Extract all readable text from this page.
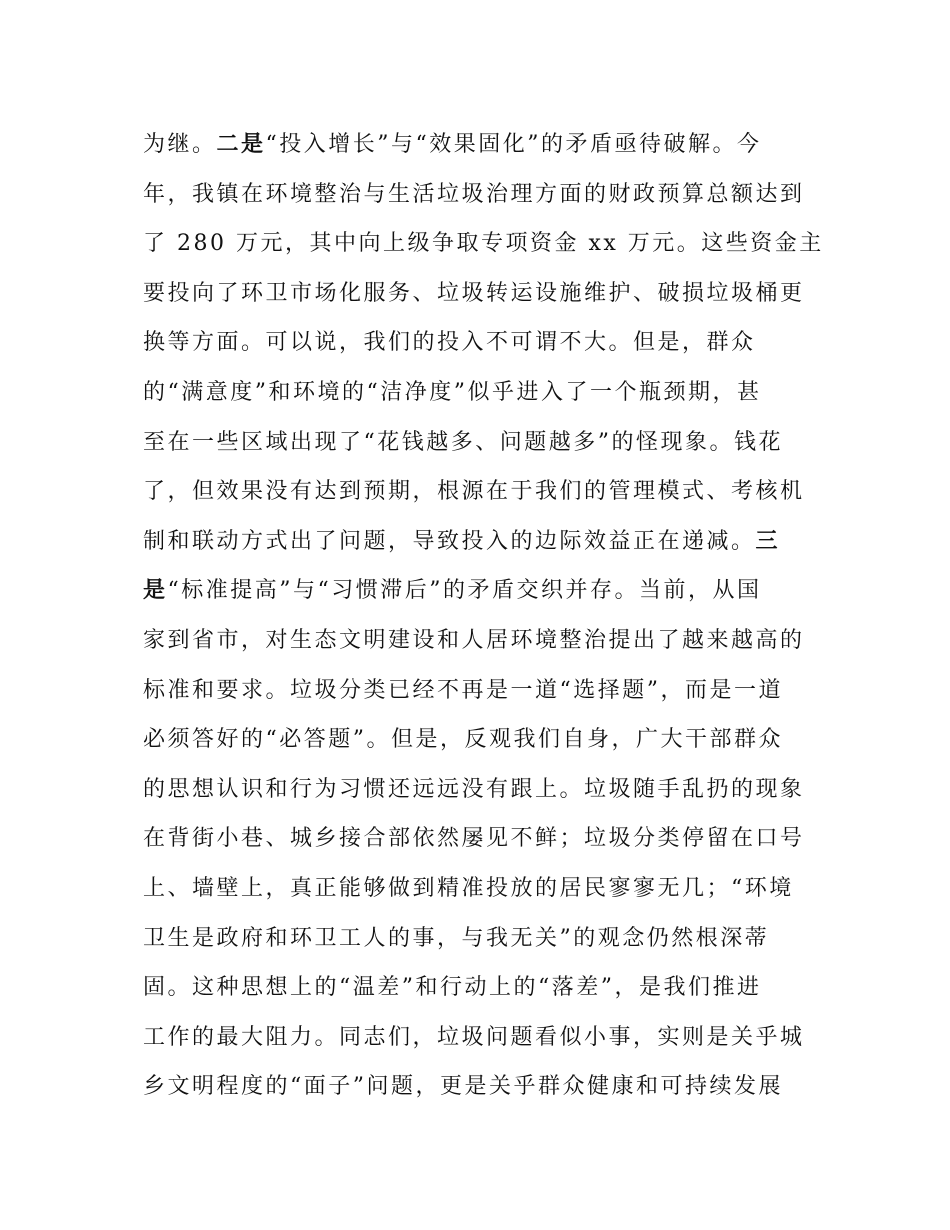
为继。二是“投入增长”与“效果固化”的矛盾亟待破解。今
年，我镇在环境整治与生活垃圾治理方面的财政预算总额达到
了 280 万元，其中向上级争取专项资金 xx 万元。这些资金主
要投向了环卫市场化服务、垃圾转运设施维护、破损垃圾桶更
换等方面。可以说，我们的投入不可谓不大。但是，群众
的“满意度”和环境的“洁净度”似乎进入了一个瓶颈期，甚
至在一些区域出现了“花钱越多、问题越多”的怪现象。钱花
了，但效果没有达到预期，根源在于我们的管理模式、考核机
制和联动方式出了问题，导致投入的边际效益正在递减。三
是“标准提高”与“习惯滞后”的矛盾交织并存。当前，从国
家到省市，对生态文明建设和人居环境整治提出了越来越高的
标准和要求。垃圾分类已经不再是一道“选择题”，而是一道
必须答好的“必答题”。但是，反观我们自身，广大干部群众
的思想认识和行为习惯还远远没有跟上。垃圾随手乱扔的现象
在背街小巷、城乡接合部依然屡见不鲜；垃圾分类停留在口号
上、墙壁上，真正能够做到精准投放的居民寥寥无几；“环境
卫生是政府和环卫工人的事，与我无关”的观念仍然根深蒂
固。这种思想上的“温差”和行动上的“落差”，是我们推进
工作的最大阻力。同志们，垃圾问题看似小事，实则是关乎城
乡文明程度的“面子”问题，更是关乎群众健康和可持续发展
